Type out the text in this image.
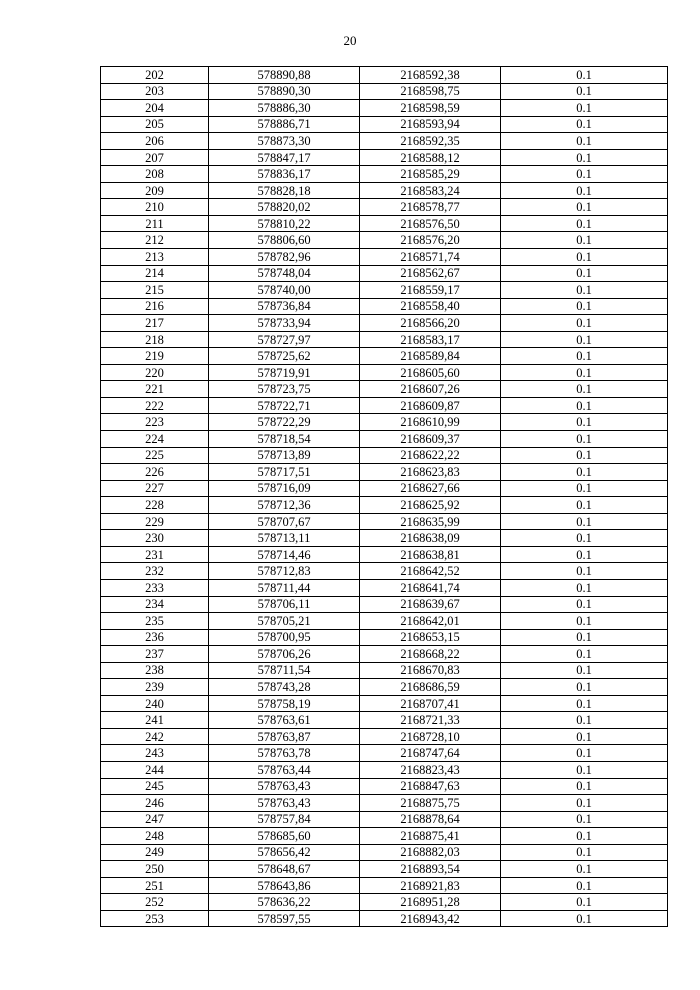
20
202	578890,88	2168592,38	0.1
203	578890,30	2168598,75	0.1
204	578886,30	2168598,59	0.1
205	578886,71	2168593,94	0.1
206	578873,30	2168592,35	0.1
207	578847,17	2168588,12	0.1
208	578836,17	2168585,29	0.1
209	578828,18	2168583,24	0.1
210	578820,02	2168578,77	0.1
211	578810,22	2168576,50	0.1
212	578806,60	2168576,20	0.1
213	578782,96	2168571,74	0.1
214	578748,04	2168562,67	0.1
215	578740,00	2168559,17	0.1
216	578736,84	2168558,40	0.1
217	578733,94	2168566,20	0.1
218	578727,97	2168583,17	0.1
219	578725,62	2168589,84	0.1
220	578719,91	2168605,60	0.1
221	578723,75	2168607,26	0.1
222	578722,71	2168609,87	0.1
223	578722,29	2168610,99	0.1
224	578718,54	2168609,37	0.1
225	578713,89	2168622,22	0.1
226	578717,51	2168623,83	0.1
227	578716,09	2168627,66	0.1
228	578712,36	2168625,92	0.1
229	578707,67	2168635,99	0.1
230	578713,11	2168638,09	0.1
231	578714,46	2168638,81	0.1
232	578712,83	2168642,52	0.1
233	578711,44	2168641,74	0.1
234	578706,11	2168639,67	0.1
235	578705,21	2168642,01	0.1
236	578700,95	2168653,15	0.1
237	578706,26	2168668,22	0.1
238	578711,54	2168670,83	0.1
239	578743,28	2168686,59	0.1
240	578758,19	2168707,41	0.1
241	578763,61	2168721,33	0.1
242	578763,87	2168728,10	0.1
243	578763,78	2168747,64	0.1
244	578763,44	2168823,43	0.1
245	578763,43	2168847,63	0.1
246	578763,43	2168875,75	0.1
247	578757,84	2168878,64	0.1
248	578685,60	2168875,41	0.1
249	578656,42	2168882,03	0.1
250	578648,67	2168893,54	0.1
251	578643,86	2168921,83	0.1
252	578636,22	2168951,28	0.1
253	578597,55	2168943,42	0.1
